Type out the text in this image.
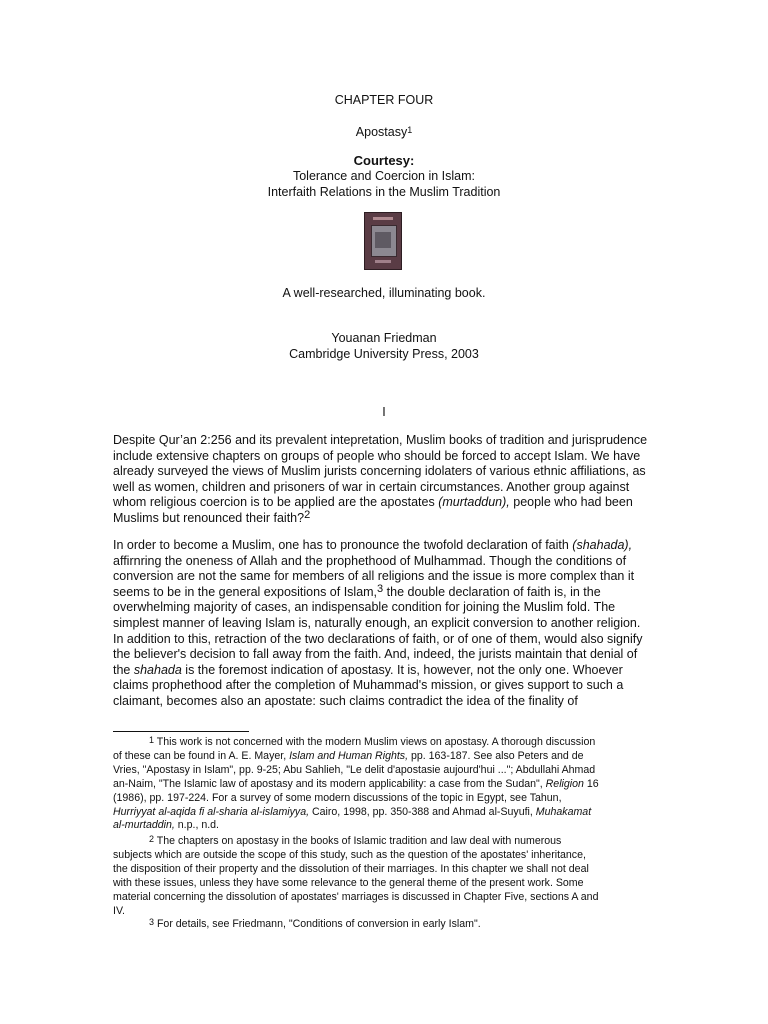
CHAPTER FOUR
Apostasy$^1$
Courtesy:
Tolerance and Coercion in Islam:
Interfaith Relations in the Muslim Tradition
A well-researched, illuminating book.
Youanan Friedman
Cambridge University Press, 2003
I
Despite Qur’an 2:256 and its prevalent intepretation, Muslim books of tradition and jurisprudence include extensive chapters on groups of people who should be forced to accept Islam. We have already surveyed the views of Muslim jurists concerning idolaters of various ethnic affiliations, as well as women, children and prisoners of war in certain circumstances. Another group against whom religious coercion is to be applied are the apostates (murtaddun), people who had been Muslims but renounced their faith?2
In order to become a Muslim, one has to pronounce the twofold declaration of faith (shahada), affirnring the oneness of Allah and the prophethood of Mulhammad. Though the conditions of conversion are not the same for members of all religions and the issue is more complex than it seems to be in the general expositions of Islam,3 the double declaration of faith is, in the overwhelming majority of cases, an indispensable condition for joining the Muslim fold. The simplest manner of leaving Islam is, naturally enough, an explicit conversion to another religion. In addition to this, retraction of the two declarations of faith, or of one of them, would also signify the believer's decision to fall away from the faith. And, indeed, the jurists maintain that denial of the shahada is the foremost indication of apostasy. It is, however, not the only one. Whoever claims prophethood after the completion of Muhammad's mission, or gives support to such a claimant, becomes also an apostate: such claims contradict the idea of the finality of
$^1$ This work is not concerned with the modern Muslim views on apostasy. A thorough discussion of these can be found in A. E. Mayer, Islam and Human Rights, pp. 163-187. See also Peters and de Vries, "Apostasy in Islam", pp. 9-25; Abu Sahlieh, "Le delit d'apostasie aujourd'hui ..."; Abdullahi Ahmad an-Naim, "The Islamic law of apostasy and its modern applicability: a case from the Sudan", Religion 16 (1986), pp. 197-224. For a survey of some modern discussions of the topic in Egypt, see Tahun, Hurriyyat al-aqida fi al-sharia al-islamiyya, Cairo, 1998, pp. 350-388 and Ahmad al-Suyufi, Muhakamat al-murtaddin, n.p., n.d.
$^2$ The chapters on apostasy in the books of Islamic tradition and law deal with numerous subjects which are outside the scope of this study, such as the question of the apostates' inheritance, the disposition of their property and the dissolution of their marriages. In this chapter we shall not deal with these issues, unless they have some relevance to the general theme of the present work. Some material concerning the dissolution of apostates' marriages is discussed in Chapter Five, sections A and IV.
$^3$ For details, see Friedmann, "Conditions of conversion in early Islam".
